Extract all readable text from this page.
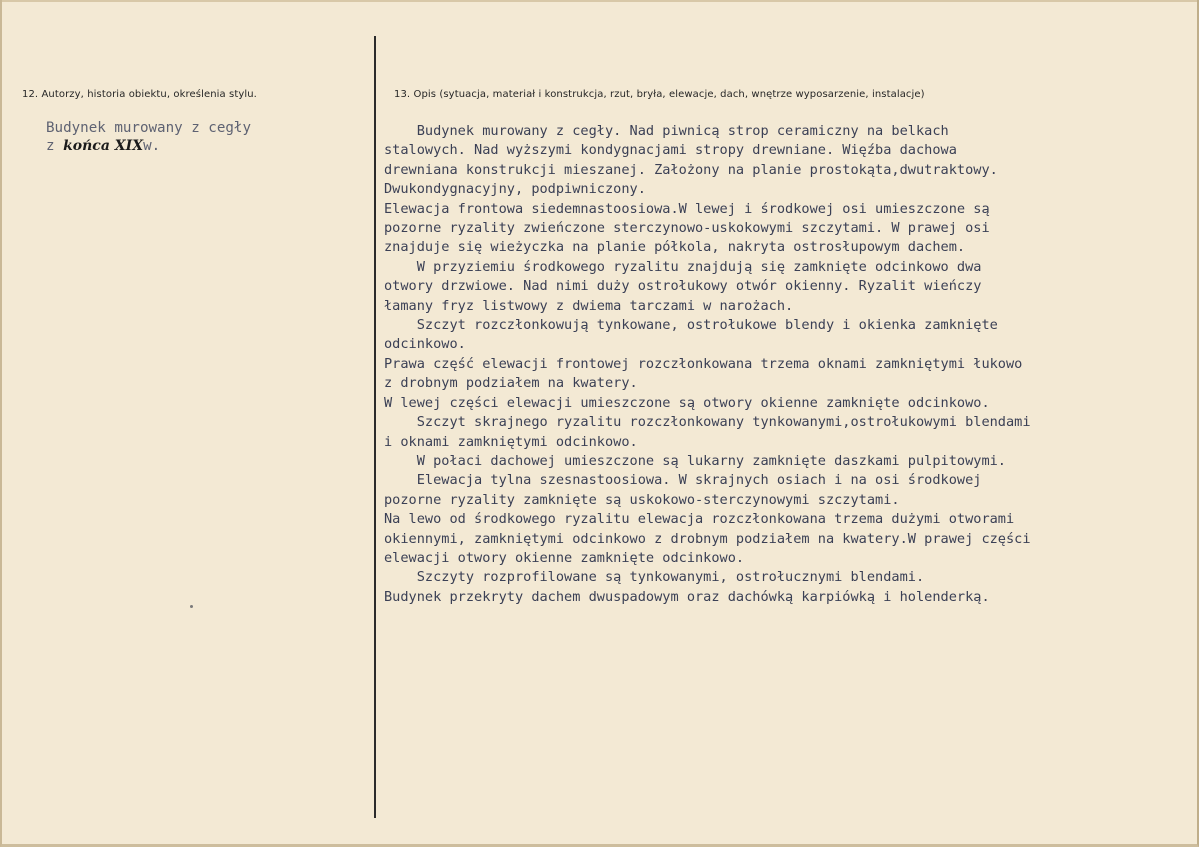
12. Autorzy, historia obiektu, określenia stylu.	13. Opis (sytuacja, materiał i konstrukcja, rzut, bryła, elewacje, dach, wnętrze wyposarzenie, instalacje)
Budynek murowany z cegły
z końca XIXw.
Budynek murowany z cegły. Nad piwnicą strop ceramiczny na belkach
stalowych. Nad wyższymi kondygnacjami stropy drewniane. Więźba dachowa
drewniana konstrukcji mieszanej. Założony na planie prostokąta,dwutraktowy.
Dwukondygnacyjny, podpiwniczony.
Elewacja frontowa siedemnastoosiowa.W lewej i środkowej osi umieszczone są
pozorne ryzality zwieńczone sterczynowo-uskokowymi szczytami. W prawej osi
znajduje się wieżyczka na planie półkola, nakryta ostrosłupowym dachem.
W przyziemiu środkowego ryzalitu znajdują się zamknięte odcinkowo dwa
otwory drzwiowe. Nad nimi duży ostrołukowy otwór okienny. Ryzalit wieńczy
łamany fryz listwowy z dwiema tarczami w narożach.
Szczyt rozczłonkowują tynkowane, ostrołukowe blendy i okienka zamknięte
odcinkowo.
Prawa część elewacji frontowej rozczłonkowana trzema oknami zamkniętymi łukowo
z drobnym podziałem na kwatery.
W lewej części elewacji umieszczone są otwory okienne zamknięte odcinkowo.
Szczyt skrajnego ryzalitu rozczłonkowany tynkowanymi,ostrołukowymi blendami
i oknami zamkniętymi odcinkowo.
W połaci dachowej umieszczone są lukarny zamknięte daszkami pulpitowymi.
Elewacja tylna szesnastoosiowa. W skrajnych osiach i na osi środkowej
pozorne ryzality zamknięte są uskokowo-sterczynowymi szczytami.
Na lewo od środkowego ryzalitu elewacja rozczłonkowana trzema dużymi otworami
okiennymi, zamkniętymi odcinkowo z drobnym podziałem na kwatery.W prawej części
elewacji otwory okienne zamknięte odcinkowo.
Szczyty rozprofilowane są tynkowanymi, ostrołucznymi blendami.
Budynek przekryty dachem dwuspadowym oraz dachówką karpiówką i holenderką.
